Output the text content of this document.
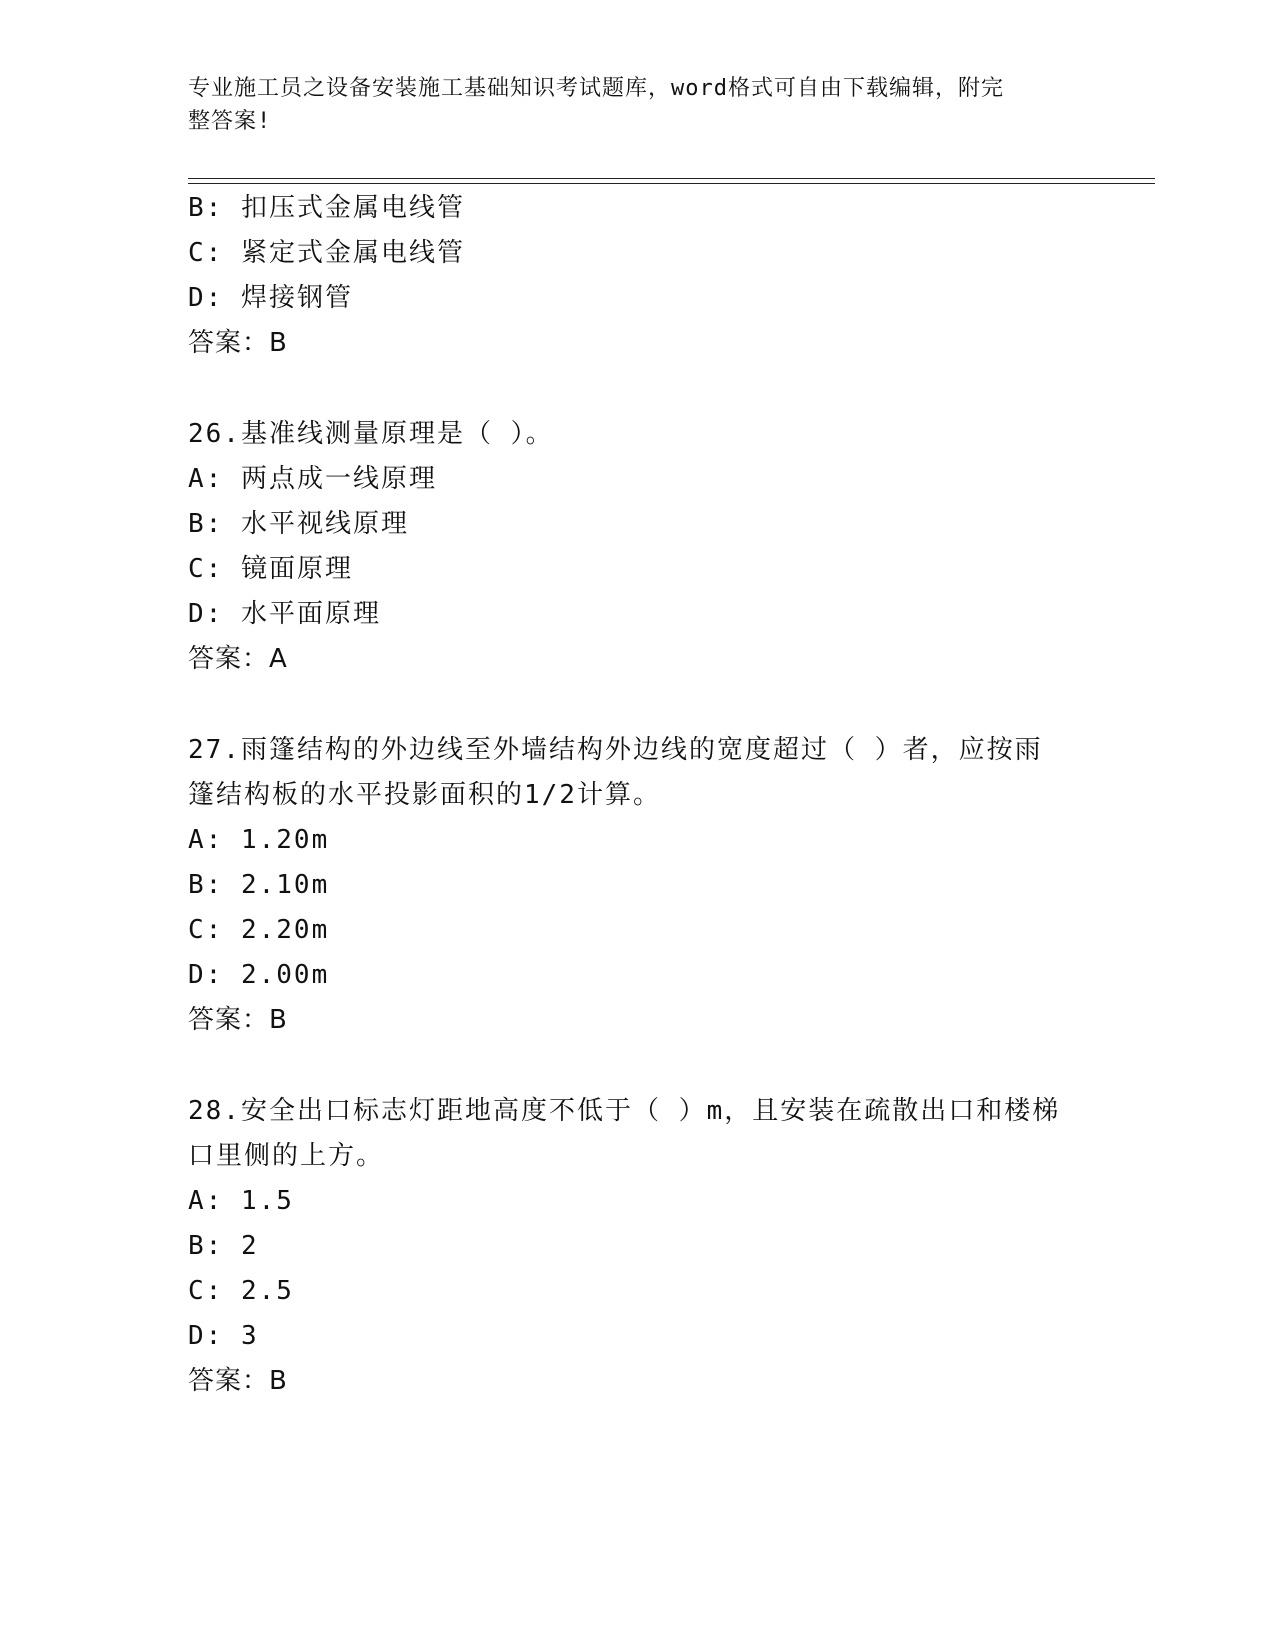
专业施工员之设备安装施工基础知识考试题库，word格式可自由下载编辑，附完
整答案!
B: 扣压式金属电线管
C: 紧定式金属电线管
D: 焊接钢管
答案：B
26.基准线测量原理是（ ）。
A: 两点成一线原理
B: 水平视线原理
C: 镜面原理
D: 水平面原理
答案：A
27.雨篷结构的外边线至外墙结构外边线的宽度超过（ ）者，应按雨
篷结构板的水平投影面积的1/2计算。
A: 1.20m
B: 2.10m
C: 2.20m
D: 2.00m
答案：B
28.安全出口标志灯距地高度不低于（ ）m，且安装在疏散出口和楼梯
口里侧的上方。
A: 1.5
B: 2
C: 2.5
D: 3
答案：B
